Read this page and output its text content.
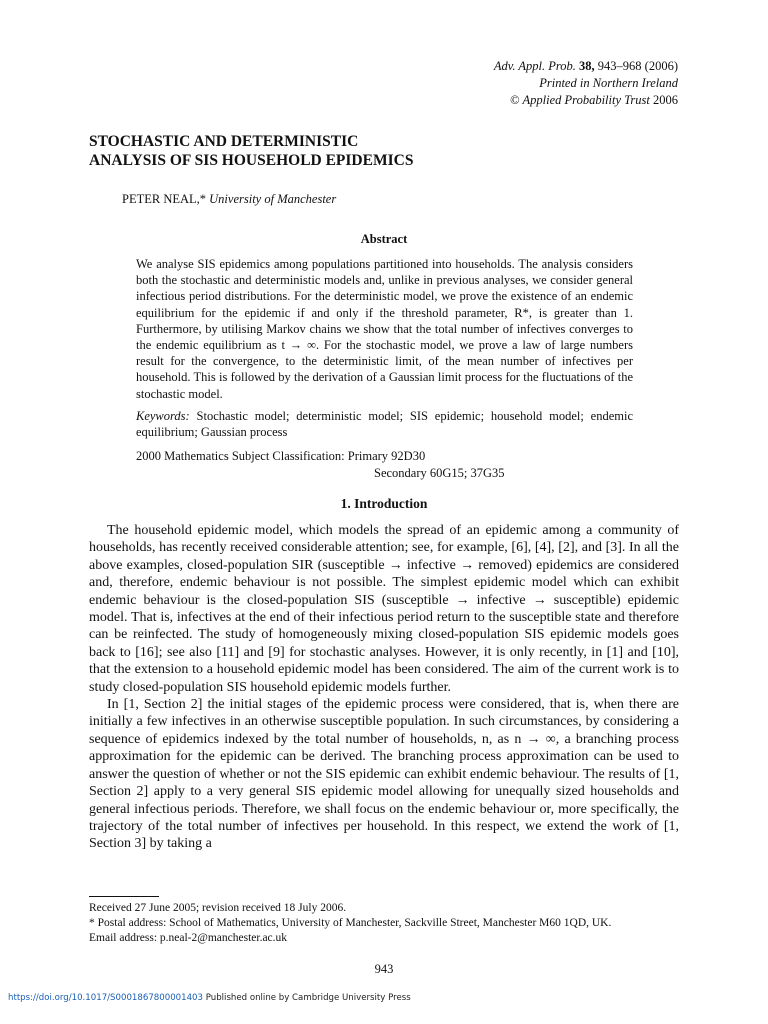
Adv. Appl. Prob. 38, 943–968 (2006)
Printed in Northern Ireland
© Applied Probability Trust 2006
STOCHASTIC AND DETERMINISTIC
ANALYSIS OF SIS HOUSEHOLD EPIDEMICS
PETER NEAL,* University of Manchester
Abstract

We analyse SIS epidemics among populations partitioned into households. The analysis considers both the stochastic and deterministic models and, unlike in previous analyses, we consider general infectious period distributions. For the deterministic model, we prove the existence of an endemic equilibrium for the epidemic if and only if the threshold parameter, R*, is greater than 1. Furthermore, by utilising Markov chains we show that the total number of infectives converges to the endemic equilibrium as t → ∞. For the stochastic model, we prove a law of large numbers result for the convergence, to the deterministic limit, of the mean number of infectives per household. This is followed by the derivation of a Gaussian limit process for the fluctuations of the stochastic model.

Keywords: Stochastic model; deterministic model; SIS epidemic; household model; endemic equilibrium; Gaussian process

2000 Mathematics Subject Classification: Primary 92D30
Secondary 60G15; 37G35
1. Introduction

The household epidemic model, which models the spread of an epidemic among a community of households, has recently received considerable attention; see, for example, [6], [4], [2], and [3]. In all the above examples, closed-population SIR (susceptible → infective → removed) epidemics are considered and, therefore, endemic behaviour is not possible. The simplest epidemic model which can exhibit endemic behaviour is the closed-population SIS (susceptible → infective → susceptible) epidemic model. That is, infectives at the end of their infectious period return to the susceptible state and therefore can be reinfected. The study of homogeneously mixing closed-population SIS epidemic models goes back to [16]; see also [11] and [9] for stochastic analyses. However, it is only recently, in [1] and [10], that the extension to a household epidemic model has been considered. The aim of the current work is to study closed-population SIS household epidemic models further.

In [1, Section 2] the initial stages of the epidemic process were considered, that is, when there are initially a few infectives in an otherwise susceptible population. In such circumstances, by considering a sequence of epidemics indexed by the total number of households, n, as n → ∞, a branching process approximation for the epidemic can be derived. The branching process approximation can be used to answer the question of whether or not the SIS epidemic can exhibit endemic behaviour. The results of [1, Section 2] apply to a very general SIS epidemic model allowing for unequally sized households and general infectious periods. Therefore, we shall focus on the endemic behaviour or, more specifically, the trajectory of the total number of infectives per household. In this respect, we extend the work of [1, Section 3] by taking a

Received 27 June 2005; revision received 18 July 2006.
* Postal address: School of Mathematics, University of Manchester, Sackville Street, Manchester M60 1QD, UK.
Email address: p.neal-2@manchester.ac.uk
943
https://doi.org/10.1017/S0001867800001403 Published online by Cambridge University Press
